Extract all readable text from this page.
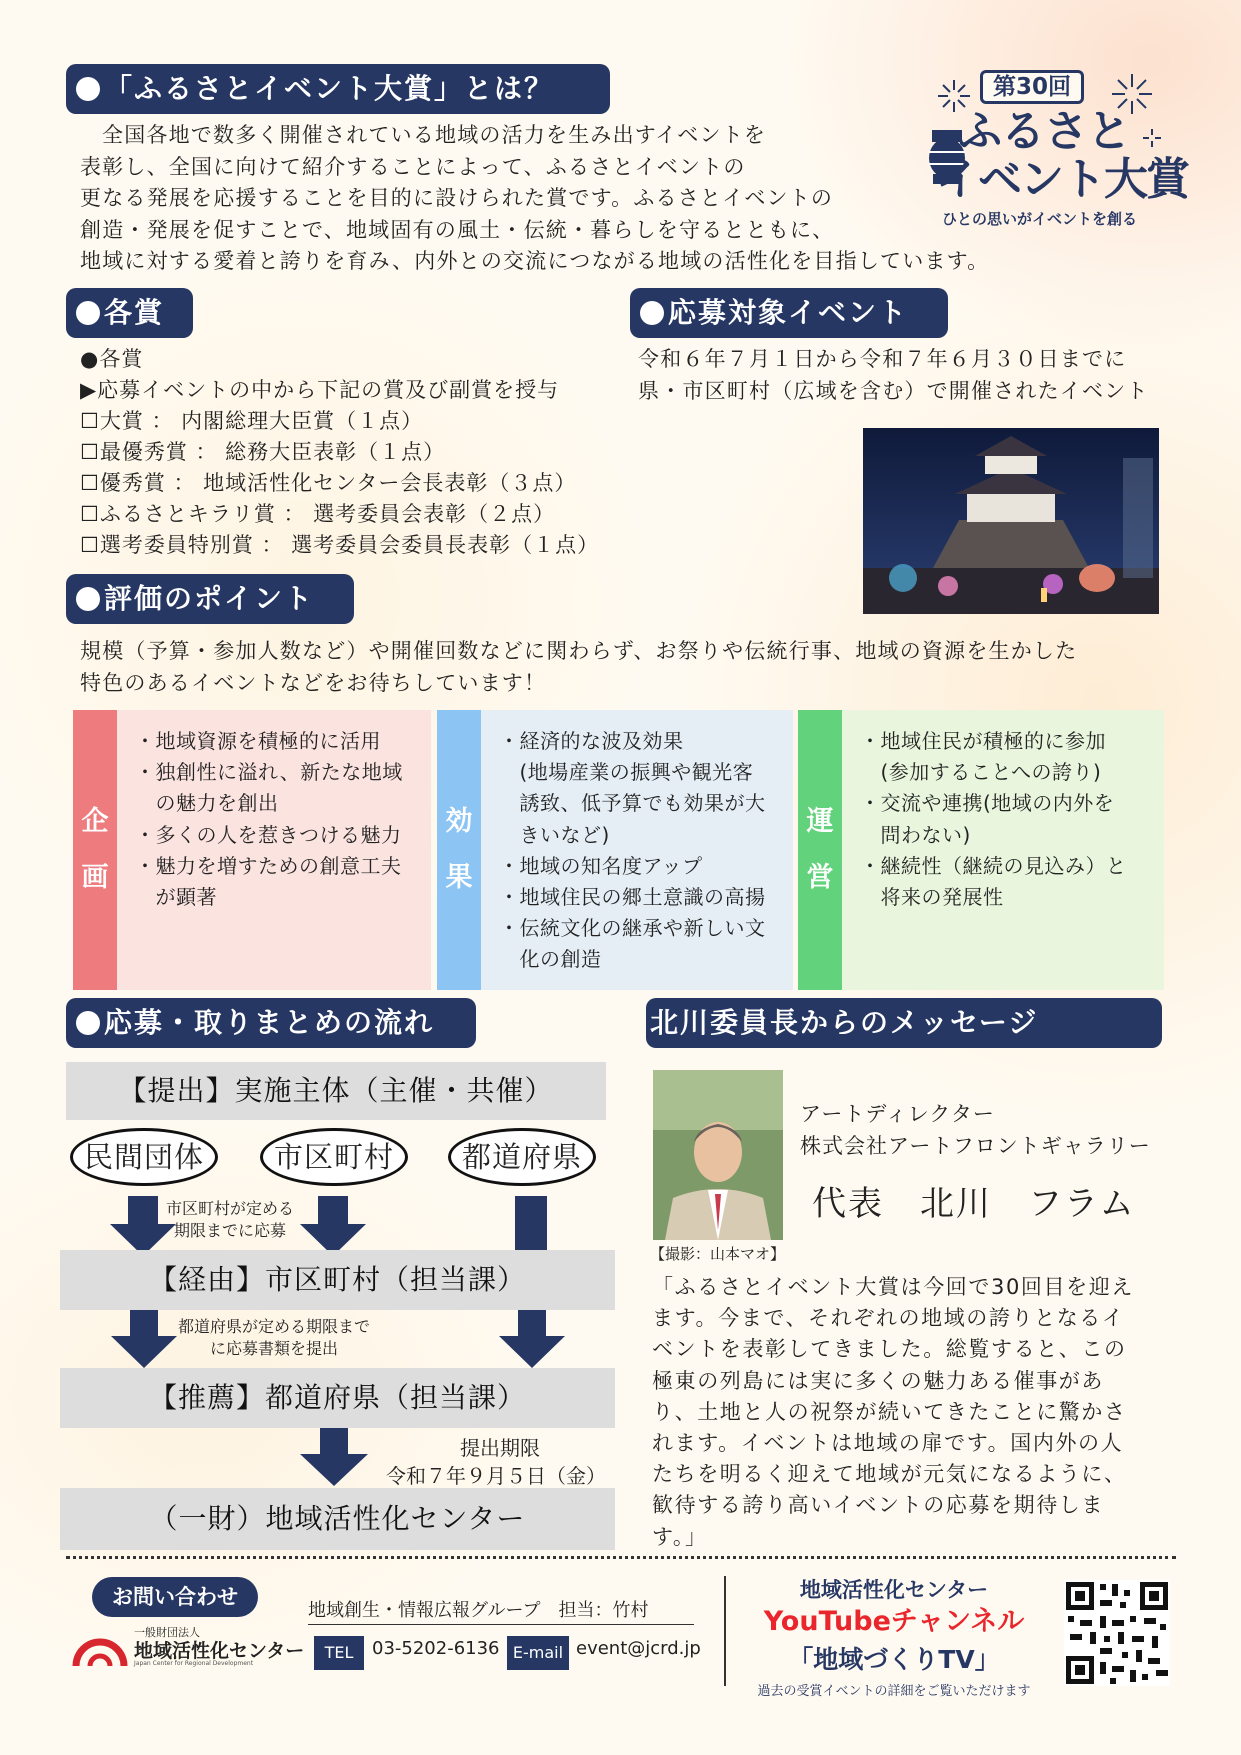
「ふるさとイベント大賞」とは？
全国各地で数多く開催されている地域の活力を生み出すイベントを
表彰し、全国に向けて紹介することによって、ふるさとイベントの
更なる発展を応援することを目的に設けられた賞です。ふるさとイベントの
創造・発展を促すことで、地域固有の風土・伝統・暮らしを守るとともに、
地域に対する愛着と誇りを育み、内外との交流につながる地域の活性化を目指しています。
第30回
ふるさと
イベント大賞
ひとの思いがイベントを創る
各賞
●各賞
▶応募イベントの中から下記の賞及び副賞を授与
☐大賞 ： 内閣総理大臣賞（１点）
☐最優秀賞 ： 総務大臣表彰（１点）
☐優秀賞 ： 地域活性化センター会長表彰（３点）
☐ふるさとキラリ賞 ： 選考委員会表彰（２点）
☐選考委員特別賞 ： 選考委員会委員長表彰（１点）
応募対象イベント
令和６年７月１日から令和７年６月３０日までに
県・市区町村（広域を含む）で開催されたイベント
評価のポイント
規模（予算・参加人数など）や開催回数などに関わらず、お祭りや伝統行事、地域の資源を生かした
特色のあるイベントなどをお待ちしています！
企
画
・地域資源を積極的に活用
・独創性に溢れ、新たな地域
　の魅力を創出
・多くの人を惹きつける魅力
・魅力を増すための創意工夫
　が顕著
効
果
・経済的な波及効果
　(地場産業の振興や観光客
　誘致、低予算でも効果が大
　きいなど)
・地域の知名度アップ
・地域住民の郷土意識の高揚
・伝統文化の継承や新しい文
　化の創造
運
営
・地域住民が積極的に参加
　(参加することへの誇り)
・交流や連携(地域の内外を
　問わない)
・継続性（継続の見込み）と
　将来の発展性
応募・取りまとめの流れ
【提出】実施主体（主催・共催）
民間団体	市区町村	都道府県
市区町村が定める
期限までに応募
【経由】市区町村（担当課）
都道府県が定める期限まで
に応募書類を提出
【推薦】都道府県（担当課）
提出期限
令和７年９月５日（金）
（一財）地域活性化センター
北川委員長からのメッセージ
【撮影：山本マオ】
アートディレクター
株式会社アートフロントギャラリー
代表　北川　フラム
「ふるさとイベント大賞は今回で30回目を迎え
ます。今まで、それぞれの地域の誇りとなるイ
ベントを表彰してきました。総覧すると、この
極東の列島には実に多くの魅力ある催事があ
り、土地と人の祝祭が続いてきたことに驚かさ
れます。イベントは地域の扉です。国内外の人
たちを明るく迎えて地域が元気になるように、
歓待する誇り高いイベントの応募を期待しま
す。」
お問い合わせ
一般財団法人
地域活性化センター
Japan Center for Regional Development
地域創生・情報広報グループ　担当：竹村
TEL	03-5202-6136 E-mail event@jcrd.jp
地域活性化センター
YouTubeチャンネル
「地域づくりTV」
過去の受賞イベントの詳細をご覧いただけます
